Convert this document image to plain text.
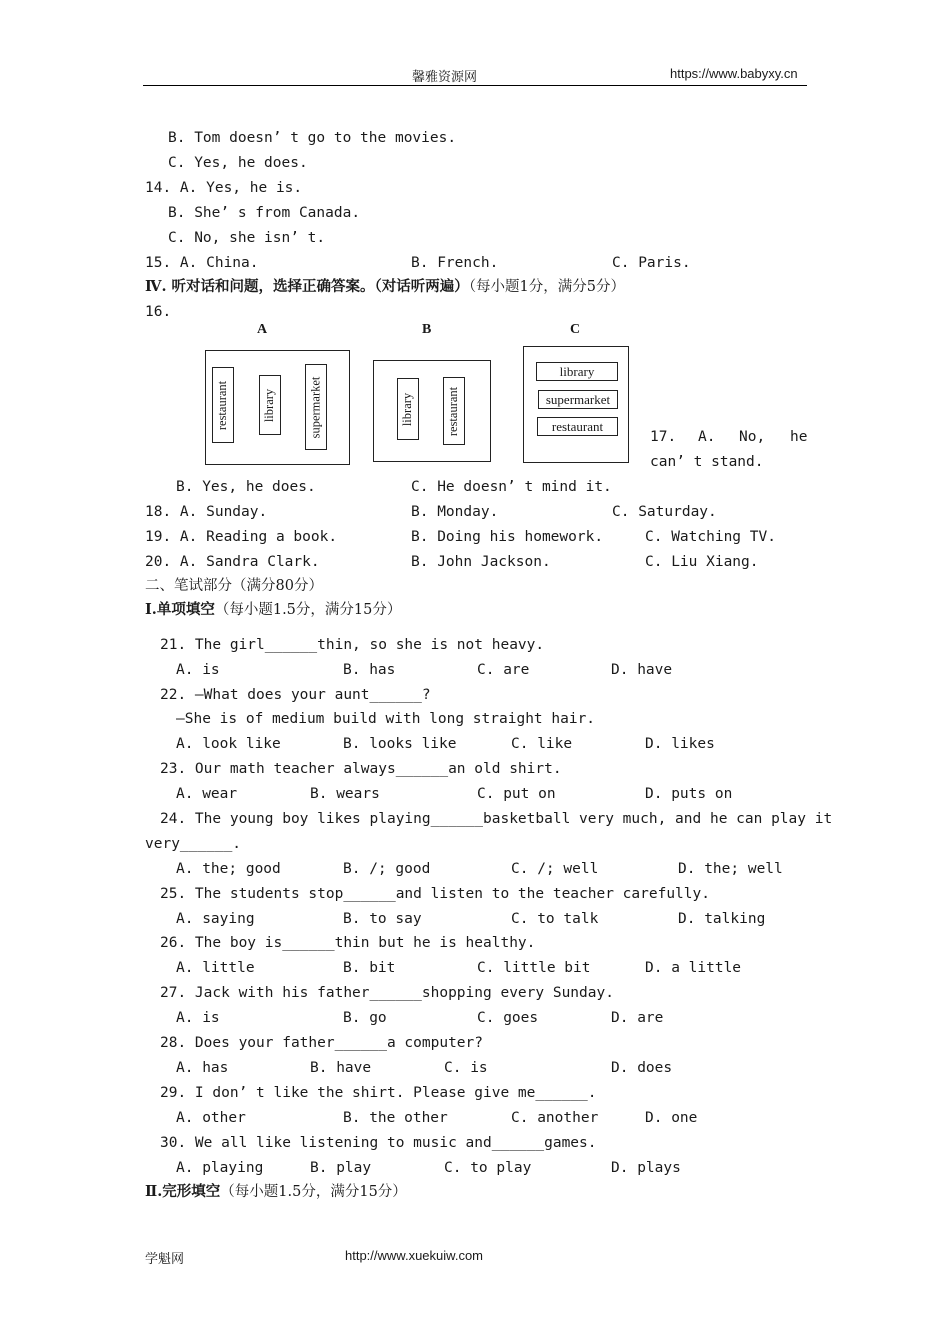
馨雅资源网	https://www.babyxy.cn
B. Tom doesn’ t go to the movies.
C. Yes, he does.
14. A. Yes, he is.
B. She’ s from Canada.
C. No, she isn’ t.
15. A. China.	B. French.	C. Paris.
Ⅳ. 听对话和问题，选择正确答案。（对话听两遍）（每小题1分，满分5分）
16.
A	B	C
restaurant	library	supermarket	library	restaurant
library
supermarket
restaurant
17. A. No, he
can’ t stand.
B. Yes, he does.	C. He doesn’ t mind it.
18. A. Sunday.	B. Monday.	C. Saturday.
19. A. Reading a book.	B. Doing his homework.	C. Watching TV.
20. A. Sandra Clark.	B. John Jackson.	C. Liu Xiang.
二、笔试部分（满分80分）
Ⅰ.单项填空（每小题1.5分，满分15分）
21. The girl______thin, so she is not heavy.
A. is	B. has	C. are	D. have
22. —What does your aunt______?
—She is of medium build with long straight hair.
A. look like	B. looks like	C. like	D. likes
23. Our math teacher always______an old shirt.
A. wear	B. wears	C. put on	D. puts on
24. The young boy likes playing______basketball very much, and he can play it
very______.
A. the; good	B. /; good	C. /; well	D. the; well
25. The students stop______and listen to the teacher carefully.
A. saying	B. to say	C. to talk	D. talking
26. The boy is______thin but he is healthy.
A. little	B. bit	C. little bit	D. a little
27. Jack with his father______shopping every Sunday.
A. is	B. go	C. goes	D. are
28. Does your father______a computer?
A. has	B. have	C. is	D. does
29. I don’ t like the shirt. Please give me______.
A. other	B. the other	C. another	D. one
30. We all like listening to music and______games.
A. playing	B. play	C. to play	D. plays
Ⅱ.完形填空（每小题1.5分，满分15分）
学魁网	http://www.xuekuiw.com
